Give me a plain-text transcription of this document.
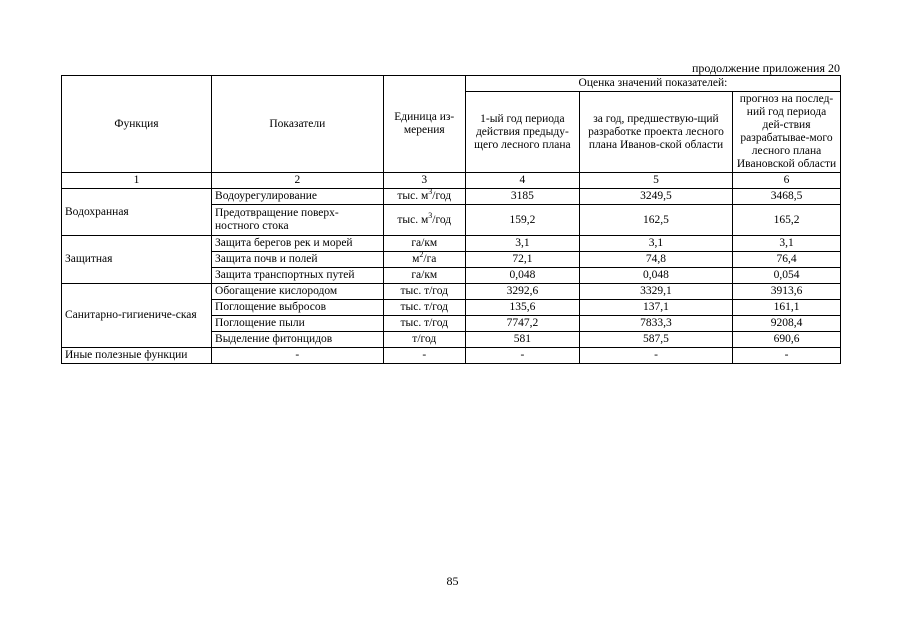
продолжение приложения 20
Функция	Показатели	Единица из-мерения	Оценка значений показателей:		
			1-ый год периода действия предыду-щего лесного плана	за год, предшествую-щий разработке проекта лесного плана Иванов-ской области	прогноз на послед-ний год периода дей-ствия разрабатывае-мого лесного плана Ивановской области
1	2	3	4	5	6
Водохранная	Водоурегулирование	тыс. $м^3$/год	3185	3249,5	3468,5
	Предотвращение поверх-ностного стока	тыс. $м^3$/год	159,2	162,5	165,2
Защитная	Защита берегов рек и морей	га/км	3,1	3,1	3,1
	Защита почв и полей	$м^2/га$	72,1	74,8	76,4
	Защита транспортных путей	га/км	0,048	0,048	0,054
Санитарно-гигиениче-ская	Обогащение кислородом	тыс. т/год	3292,6	3329,1	3913,6
	Поглощение выбросов	тыс. т/год	135,6	137,1	161,1
	Поглощение пыли	тыс. т/год	7747,2	7833,3	9208,4
	Выделение фитонцидов	т/год	581	587,5	690,6
Иные полезные функции	-	-	-	-	-
85
